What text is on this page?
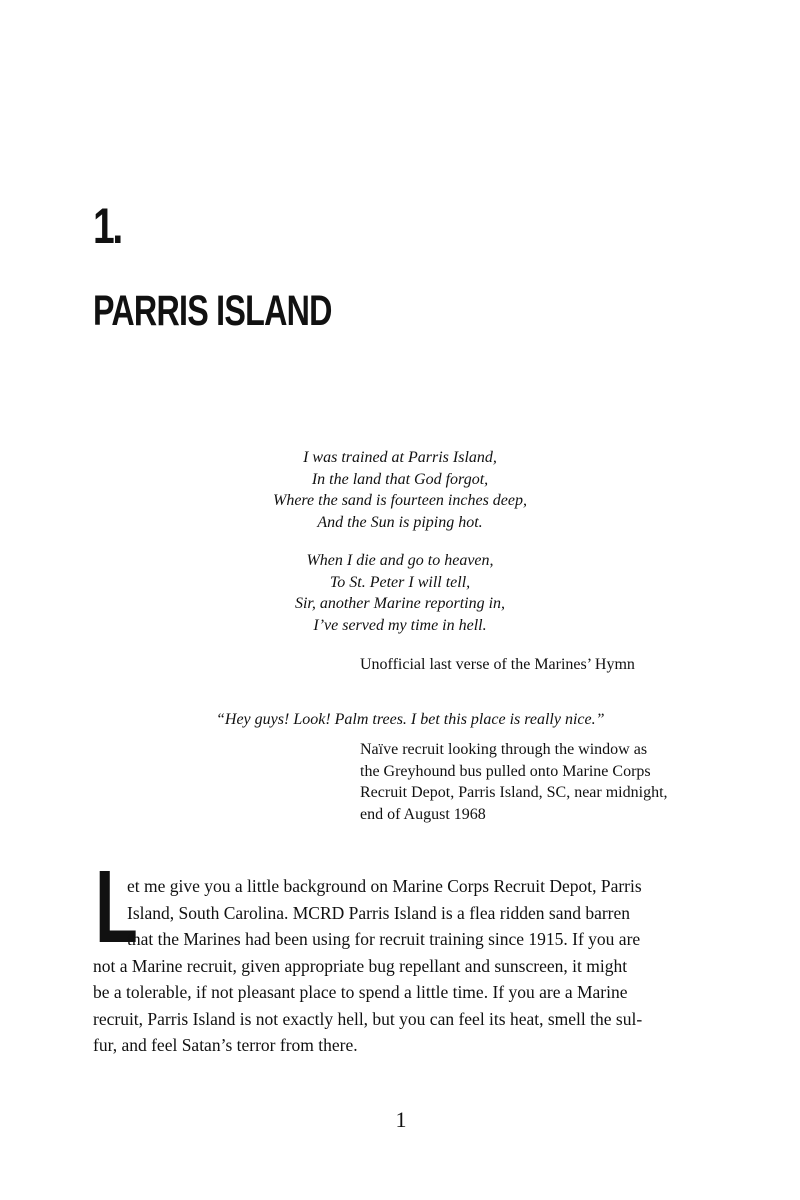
1.
PARRIS ISLAND
I was trained at Parris Island,
In the land that God forgot,
Where the sand is fourteen inches deep,
And the Sun is piping hot.
When I die and go to heaven,
To St. Peter I will tell,
Sir, another Marine reporting in,
I’ve served my time in hell.
Unofficial last verse of the Marines’ Hymn
“Hey guys! Look! Palm trees. I bet this place is really nice.”
Naïve recruit looking through the window as
the Greyhound bus pulled onto Marine Corps
Recruit Depot, Parris Island, SC, near midnight,
end of August 1968
L
et me give you a little background on Marine Corps Recruit Depot, Parris
Island, South Carolina. MCRD Parris Island is a flea ridden sand barren
that the Marines had been using for recruit training since 1915. If you are
not a Marine recruit, given appropriate bug repellant and sunscreen, it might
be a tolerable, if not pleasant place to spend a little time. If you are a Marine
recruit, Parris Island is not exactly hell, but you can feel its heat, smell the sul-
fur, and feel Satan’s terror from there.
1
